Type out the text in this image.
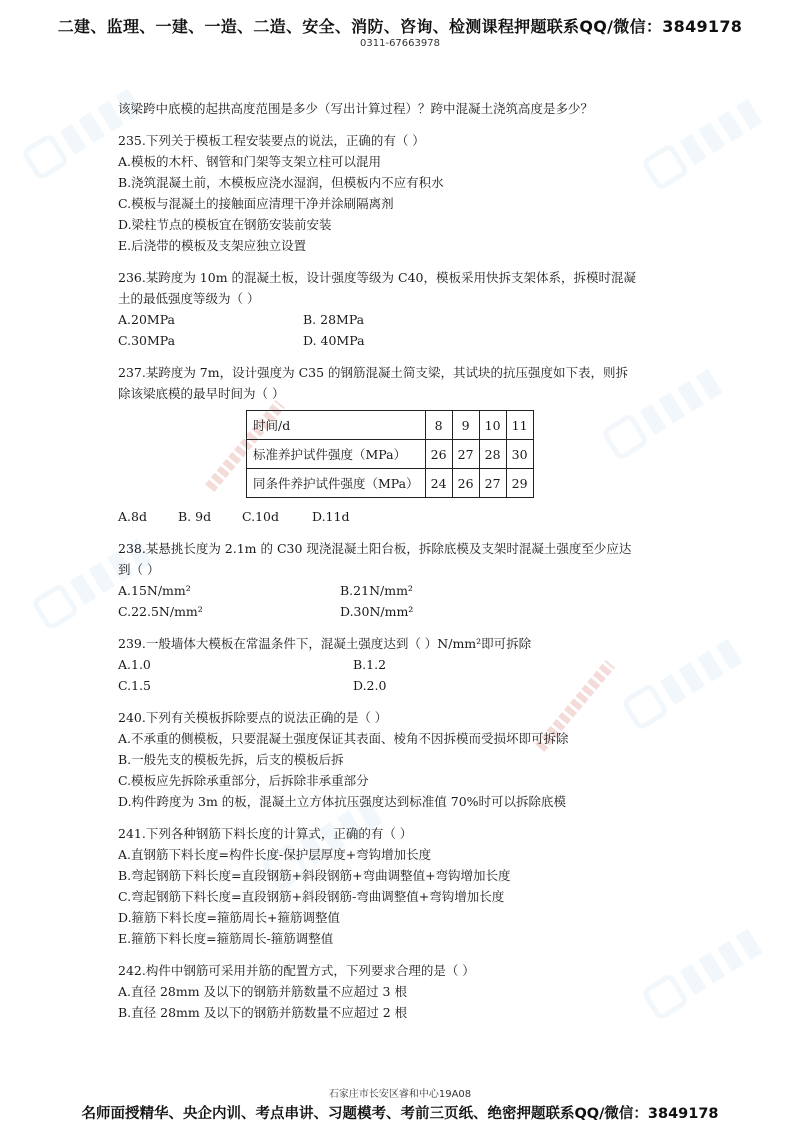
二建、监理、一建、一造、二造、安全、消防、咨询、检测课程押题联系QQ/微信：3849178
0311-67663978
该梁跨中底模的起拱高度范围是多少（写出计算过程）？跨中混凝土浇筑高度是多少？
235.下列关于模板工程安装要点的说法，正确的有（ ）
A.模板的木杆、钢管和门架等支架立柱可以混用
B.浇筑混凝土前，木模板应浇水湿润，但模板内不应有积水
C.模板与混凝土的接触面应清理干净并涂刷隔离剂
D.梁柱节点的模板宜在钢筋安装前安装
E.后浇带的模板及支架应独立设置
236.某跨度为 10m 的混凝土板，设计强度等级为 C40，模板采用快拆支架体系，拆模时混凝
土的最低强度等级为（ ）
A.20MPa	B. 28MPa
C.30MPa	D. 40MPa
237.某跨度为 7m，设计强度为 C35 的钢筋混凝土简支梁，其试块的抗压强度如下表，则拆
除该梁底模的最早时间为（ ）
时间/d	8	9	10	11
标准养护试件强度（MPa）	26	27	28	30
同条件养护试件强度（MPa）	24	26	27	29
A.8d	B. 9d	C.10d	D.11d
238.某悬挑长度为 2.1m 的 C30 现浇混凝土阳台板，拆除底模及支架时混凝土强度至少应达
到（ ）
A.15N/mm²	B.21N/mm²
C.22.5N/mm²	D.30N/mm²
239.一般墙体大模板在常温条件下，混凝土强度达到（ ）N/mm²即可拆除
A.1.0	B.1.2
C.1.5	D.2.0
240.下列有关模板拆除要点的说法正确的是（ ）
A.不承重的侧模板，只要混凝土强度保证其表面、棱角不因拆模而受损坏即可拆除
B.一般先支的模板先拆，后支的模板后拆
C.模板应先拆除承重部分，后拆除非承重部分
D.构件跨度为 3m 的板，混凝土立方体抗压强度达到标准值 70%时可以拆除底模
241.下列各种钢筋下料长度的计算式，正确的有（ ）
A.直钢筋下料长度=构件长度-保护层厚度+弯钩增加长度
B.弯起钢筋下料长度=直段钢筋+斜段钢筋+弯曲调整值+弯钩增加长度
C.弯起钢筋下料长度=直段钢筋+斜段钢筋-弯曲调整值+弯钩增加长度
D.箍筋下料长度=箍筋周长+箍筋调整值
E.箍筋下料长度=箍筋周长-箍筋调整值
242.构件中钢筋可采用并筋的配置方式，下列要求合理的是（ ）
A.直径 28mm 及以下的钢筋并筋数量不应超过 3 根
B.直径 28mm 及以下的钢筋并筋数量不应超过 2 根
石家庄市长安区睿和中心19A08
名师面授精华、央企内训、考点串讲、习题模考、考前三页纸、绝密押题联系QQ/微信：3849178
